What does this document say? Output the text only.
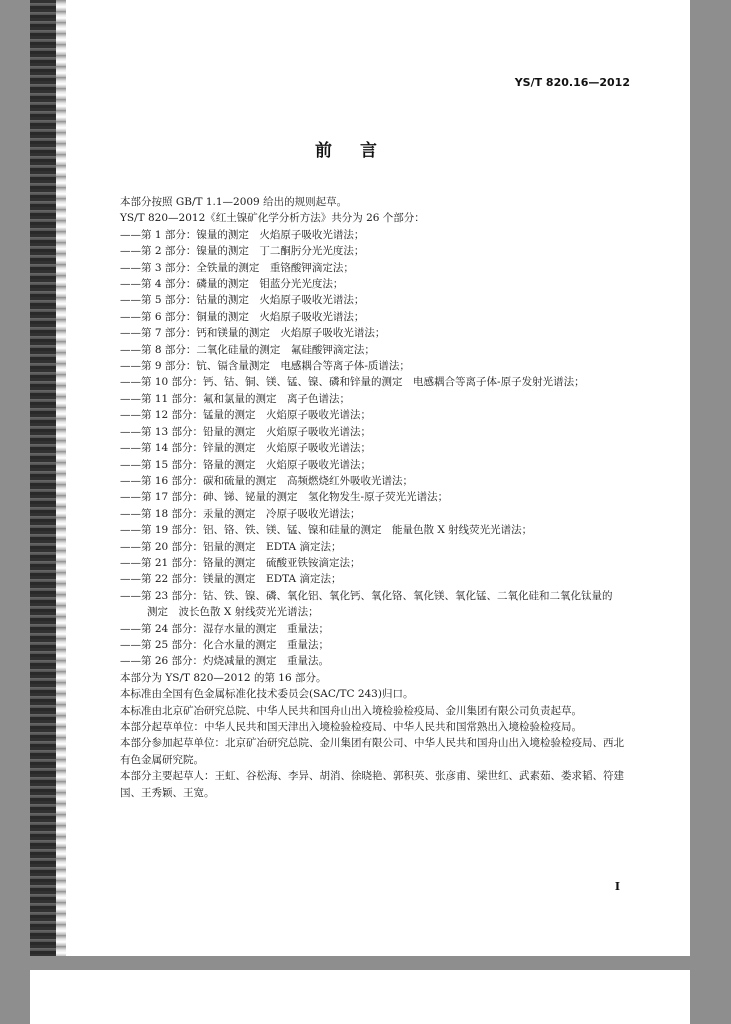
YS/T 820.16—2012
前言

本部分按照 GB/T 1.1—2009 给出的规则起草。

YS/T 820—2012《红土镍矿化学分析方法》共分为 26 个部分：

——第 1 部分：镍量的测定　火焰原子吸收光谱法；

——第 2 部分：镍量的测定　丁二酮肟分光光度法；

——第 3 部分：全铁量的测定　重铬酸钾滴定法；

——第 4 部分：磷量的测定　钼蓝分光光度法；

——第 5 部分：钴量的测定　火焰原子吸收光谱法；

——第 6 部分：铜量的测定　火焰原子吸收光谱法；

——第 7 部分：钙和镁量的测定　火焰原子吸收光谱法；

——第 8 部分：二氧化硅量的测定　氟硅酸钾滴定法；

——第 9 部分：钪、镉含量测定　电感耦合等离子体-质谱法；

——第 10 部分：钙、钴、铜、镁、锰、镍、磷和锌量的测定　电感耦合等离子体-原子发射光谱法；

——第 11 部分：氟和氯量的测定　离子色谱法；

——第 12 部分：锰量的测定　火焰原子吸收光谱法；

——第 13 部分：铅量的测定　火焰原子吸收光谱法；

——第 14 部分：锌量的测定　火焰原子吸收光谱法；

——第 15 部分：铬量的测定　火焰原子吸收光谱法；

——第 16 部分：碳和硫量的测定　高频燃烧红外吸收光谱法；

——第 17 部分：砷、锑、铋量的测定　氢化物发生-原子荧光光谱法；

——第 18 部分：汞量的测定　冷原子吸收光谱法；

——第 19 部分：铝、铬、铁、镁、锰、镍和硅量的测定　能量色散 X 射线荧光光谱法；

——第 20 部分：铝量的测定　EDTA 滴定法；

——第 21 部分：铬量的测定　硫酸亚铁铵滴定法；

——第 22 部分：镁量的测定　EDTA 滴定法；

——第 23 部分：钴、铁、镍、磷、氧化铝、氧化钙、氧化铬、氧化镁、氧化锰、二氧化硅和二氧化钛量的

测定　波长色散 X 射线荧光光谱法；

——第 24 部分：湿存水量的测定　重量法；

——第 25 部分：化合水量的测定　重量法；

——第 26 部分：灼烧减量的测定　重量法。

本部分为 YS/T 820—2012 的第 16 部分。

本标准由全国有色金属标准化技术委员会(SAC/TC 243)归口。

本标准由北京矿冶研究总院、中华人民共和国舟山出入境检验检疫局、金川集团有限公司负责起草。

本部分起草单位：中华人民共和国天津出入境检验检疫局、中华人民共和国常熟出入境检验检疫局。

本部分参加起草单位：北京矿冶研究总院、金川集团有限公司、中华人民共和国舟山出入境检验检疫局、西北有色金属研究院。

本部分主要起草人：王虹、谷松海、李异、胡消、徐晓艳、郭积英、张彦甫、梁世红、武素茹、娄求韬、符建国、王秀颖、王宽。

I
